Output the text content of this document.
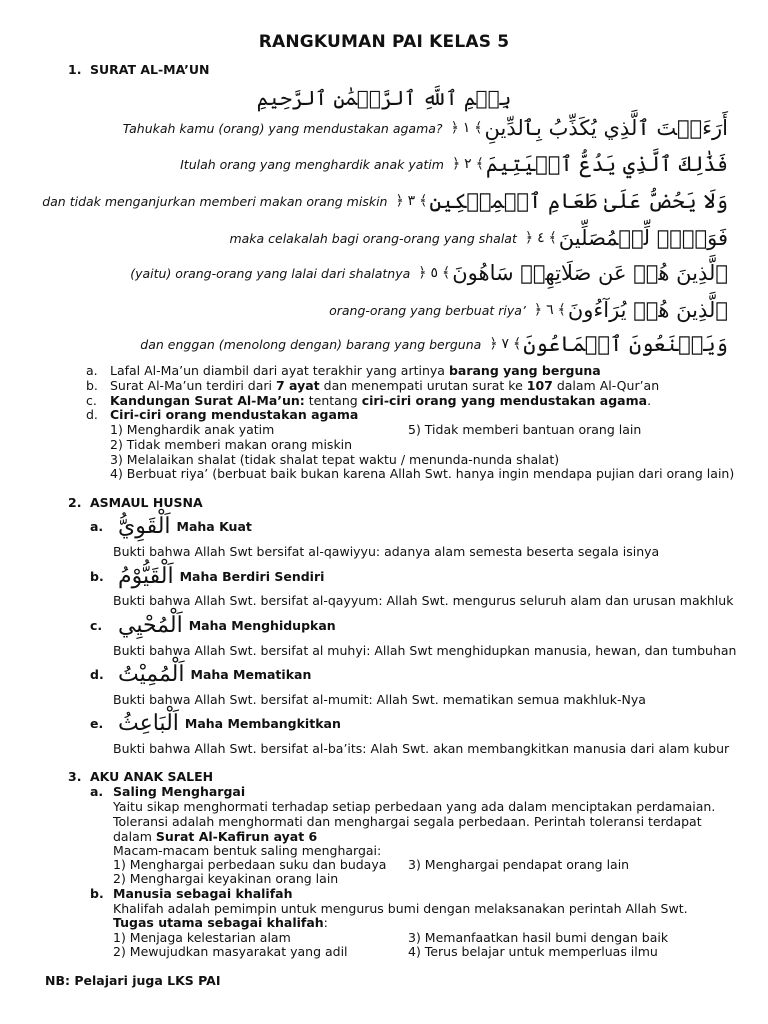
RANGKUMAN PAI KELAS 5
1. SURAT AL-MA’UN
بِسۡمِ ٱللَّهِ ٱلرَّحۡمَٰنِ ٱلرَّحِيمِ
Tahukah kamu (orang) yang mendustakan agama? ﴿ ١ ﴾ أَرَءَيۡتَ ٱلَّذِي يُكَذِّبُ بِٱلدِّينِ
Itulah orang yang menghardik anak yatim ﴿ ٢ ﴾ فَذَٰلِكَ ٱلَّذِي يَدُعُّ ٱلۡيَتِيمَ
dan tidak menganjurkan memberi makan orang miskin ﴿ ٣ ﴾ وَلَا يَحُضُّ عَلَىٰ طَعَامِ ٱلۡمِسۡكِينِ
maka celakalah bagi orang-orang yang shalat ﴿ ٤ ﴾ فَوَيۡلٞ لِّلۡمُصَلِّينَ
(yaitu) orang-orang yang lalai dari shalatnya ﴿ ٥ ﴾ ٱلَّذِينَ هُمۡ عَن صَلَاتِهِمۡ سَاهُونَ
orang-orang yang berbuat riya’ ﴿ ٦ ﴾ ٱلَّذِينَ هُمۡ يُرَآءُونَ
dan enggan (menolong dengan) barang yang berguna ﴿ ٧ ﴾ وَيَمۡنَعُونَ ٱلۡمَاعُونَ
a. Lafal Al-Ma’un diambil dari ayat terakhir yang artinya barang yang berguna
b. Surat Al-Ma’un terdiri dari 7 ayat dan menempati urutan surat ke 107 dalam Al-Qur’an
c. Kandungan Surat Al-Ma’un: tentang ciri-ciri orang yang mendustakan agama.
d. Ciri-ciri orang mendustakan agama
1) Menghardik anak yatim	5) Tidak memberi bantuan orang lain
2) Tidak memberi makan orang miskin
3) Melalaikan shalat (tidak shalat tepat waktu / menunda-nunda shalat)
4) Berbuat riya’ (berbuat baik bukan karena Allah Swt. hanya ingin mendapa pujian dari orang lain)
2. ASMAUL HUSNA
a. اَلْقَوِيُّ Maha Kuat
Bukti bahwa Allah Swt bersifat al-qawiyyu: adanya alam semesta beserta segala isinya
b. اَلْقَيُّوْمُ Maha Berdiri Sendiri
Bukti bahwa Allah Swt. bersifat al-qayyum: Allah Swt. mengurus seluruh alam dan urusan makhluk
c. اَلْمُحْيِي Maha Menghidupkan
Bukti bahwa Allah Swt. bersifat al muhyi: Allah Swt menghidupkan manusia, hewan, dan tumbuhan
d. اَلْمُمِيْتُ Maha Mematikan
Bukti bahwa Allah Swt. bersifat al-mumit: Allah Swt. mematikan semua makhluk-Nya
e. اَلْبَاعِثُ Maha Membangkitkan
Bukti bahwa Allah Swt. bersifat al-ba’its: Alah Swt. akan membangkitkan manusia dari alam kubur
3. AKU ANAK SALEH
a. Saling Menghargai
Yaitu sikap menghormati terhadap setiap perbedaan yang ada dalam menciptakan perdamaian.
Toleransi adalah menghormati dan menghargai segala perbedaan. Perintah toleransi terdapat
dalam Surat Al-Kafirun ayat 6
Macam-macam bentuk saling menghargai:
1) Menghargai perbedaan suku dan budaya 3) Menghargai pendapat orang lain
2) Menghargai keyakinan orang lain
b. Manusia sebagai khalifah
Khalifah adalah pemimpin untuk mengurus bumi dengan melaksanakan perintah Allah Swt.
Tugas utama sebagai khalifah:
1) Menjaga kelestarian alam	3) Memanfaatkan hasil bumi dengan baik
2) Mewujudkan masyarakat yang adil	4) Terus belajar untuk memperluas ilmu
NB: Pelajari juga LKS PAI
